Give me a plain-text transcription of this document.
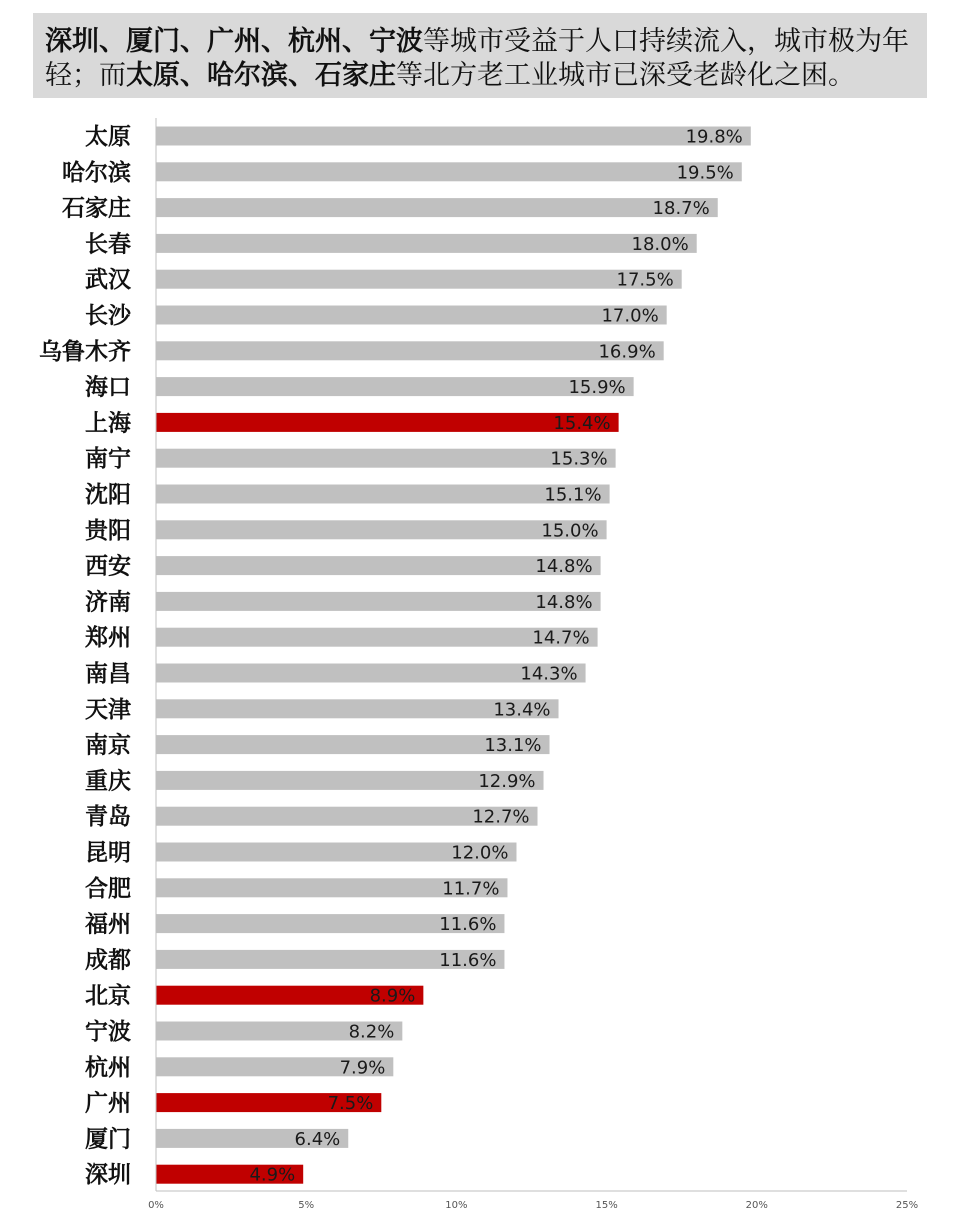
深圳、厦门、广州、杭州、宁波等城市受益于人口持续流入，城市极为年轻；而太原、哈尔滨、石家庄等北方老工业城市已深受老龄化之困。
太原	19.8%
哈尔滨	19.5%
石家庄	18.7%
长春	18.0%
武汉	17.5%
长沙	17.0%
乌鲁木齐	16.9%
海口	15.9%
上海	15.4%
南宁	15.3%
沈阳	15.1%
贵阳	15.0%
西安	14.8%
济南	14.8%
郑州	14.7%
南昌	14.3%
天津	13.4%
南京	13.1%
重庆	12.9%
青岛	12.7%
昆明	12.0%
合肥	11.7%
福州	11.6%
成都	11.6%
北京	8.9%
宁波	8.2%
杭州	7.9%
广州	7.5%
厦门	6.4%
深圳	4.9%
0%	5%	10%	15%	20%	25%
